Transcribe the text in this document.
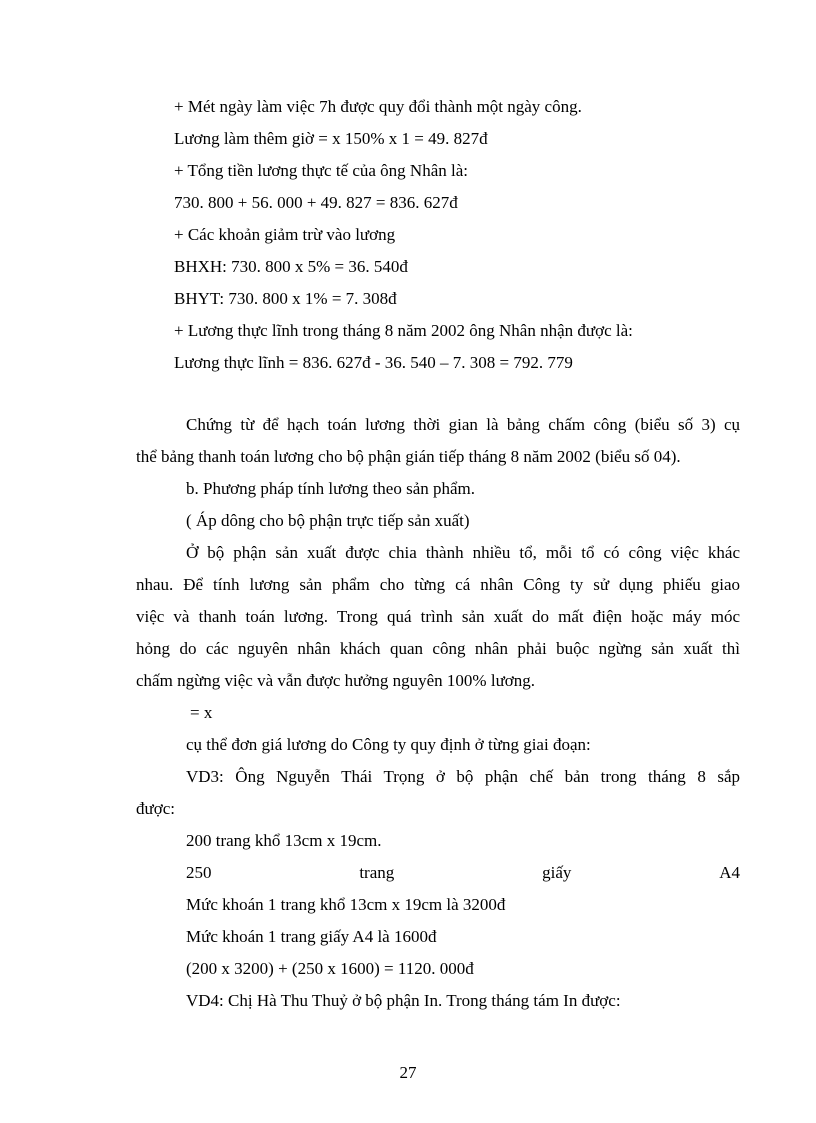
+ Mét ngày làm việc 7h được quy đổi thành một ngày công.
Lương làm thêm giờ = x 150% x 1 = 49. 827đ
+ Tổng tiền lương thực tế của ông Nhân là:
730. 800 + 56. 000 + 49. 827 = 836. 627đ
+ Các khoản giảm trừ vào lương
BHXH: 730. 800 x 5% = 36. 540đ
BHYT: 730. 800 x 1% = 7. 308đ
+ Lương thực lĩnh trong tháng 8 năm 2002 ông Nhân nhận được là:
Lương thực lĩnh = 836. 627đ - 36. 540 – 7. 308 = 792. 779
Chứng từ để hạch toán lương thời gian là bảng chấm công (biểu số 3) cụ
thể bảng thanh toán lương cho bộ phận gián tiếp tháng 8 năm 2002 (biểu số 04).
b. Phương pháp tính lương theo sản phẩm.
( Áp dông cho bộ phận trực tiếp sản xuất)
Ở bộ phận sản xuất được chia thành nhiều tổ, mỗi tổ có công việc khác
nhau. Để tính lương sản phẩm cho từng cá nhân Công ty sử dụng phiếu giao
việc và thanh toán lương. Trong quá trình sản xuất do mất điện hoặc máy móc
hỏng do các nguyên nhân khách quan công nhân phải buộc ngừng sản xuất thì
chấm ngừng việc và vẫn được hưởng nguyên 100% lương.
= x
cụ thể đơn giá lương do Công ty quy định ở từng giai đoạn:
VD3: Ông Nguyễn Thái Trọng ở bộ phận chế bản trong tháng 8 sắp
được:
200 trang khổ 13cm x 19cm.
250	trang	giấy	A4
Mức khoán 1 trang khổ 13cm x 19cm là 3200đ
Mức khoán 1 trang giấy A4 là 1600đ
(200 x 3200) + (250 x 1600) = 1120. 000đ
VD4: Chị Hà Thu Thuỷ ở bộ phận In. Trong tháng tám In được:
27
